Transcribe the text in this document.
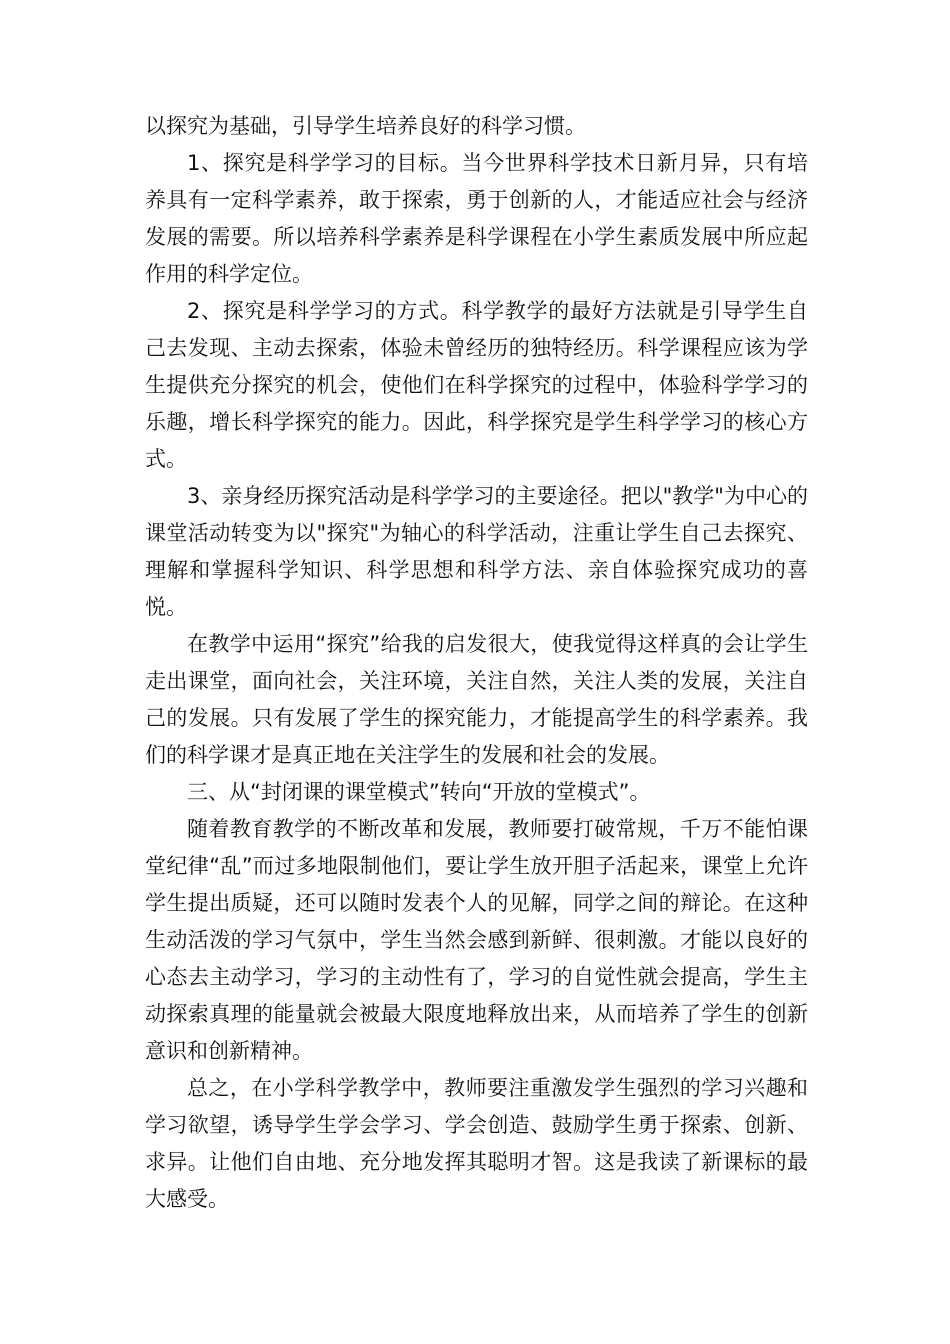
以探究为基础，引导学生培养良好的科学习惯。

1、探究是科学学习的目标。当今世界科学技术日新月异，只有培养具有一定科学素养，敢于探索，勇于创新的人，才能适应社会与经济发展的需要。所以培养科学素养是科学课程在小学生素质发展中所应起作用的科学定位。

2、探究是科学学习的方式。科学教学的最好方法就是引导学生自己去发现、主动去探索，体验未曾经历的独特经历。科学课程应该为学生提供充分探究的机会，使他们在科学探究的过程中，体验科学学习的乐趣，增长科学探究的能力。因此，科学探究是学生科学学习的核心方式。

3、亲身经历探究活动是科学学习的主要途径。把以"教学"为中心的课堂活动转变为以"探究"为轴心的科学活动，注重让学生自己去探究、理解和掌握科学知识、科学思想和科学方法、亲自体验探究成功的喜悦。

在教学中运用“探究”给我的启发很大，使我觉得这样真的会让学生走出课堂，面向社会，关注环境，关注自然，关注人类的发展，关注自己的发展。只有发展了学生的探究能力，才能提高学生的科学素养。我们的科学课才是真正地在关注学生的发展和社会的发展。

三、从“封闭课的课堂模式”转向“开放的堂模式”。

随着教育教学的不断改革和发展，教师要打破常规，千万不能怕课堂纪律“乱”而过多地限制他们，要让学生放开胆子活起来，课堂上允许学生提出质疑，还可以随时发表个人的见解，同学之间的辩论。在这种生动活泼的学习气氛中，学生当然会感到新鲜、很刺激。才能以良好的心态去主动学习，学习的主动性有了，学习的自觉性就会提高，学生主动探索真理的能量就会被最大限度地释放出来，从而培养了学生的创新意识和创新精神。

总之，在小学科学教学中，教师要注重激发学生强烈的学习兴趣和学习欲望，诱导学生学会学习、学会创造、鼓励学生勇于探索、创新、求异。让他们自由地、充分地发挥其聪明才智。这是我读了新课标的最大感受。
